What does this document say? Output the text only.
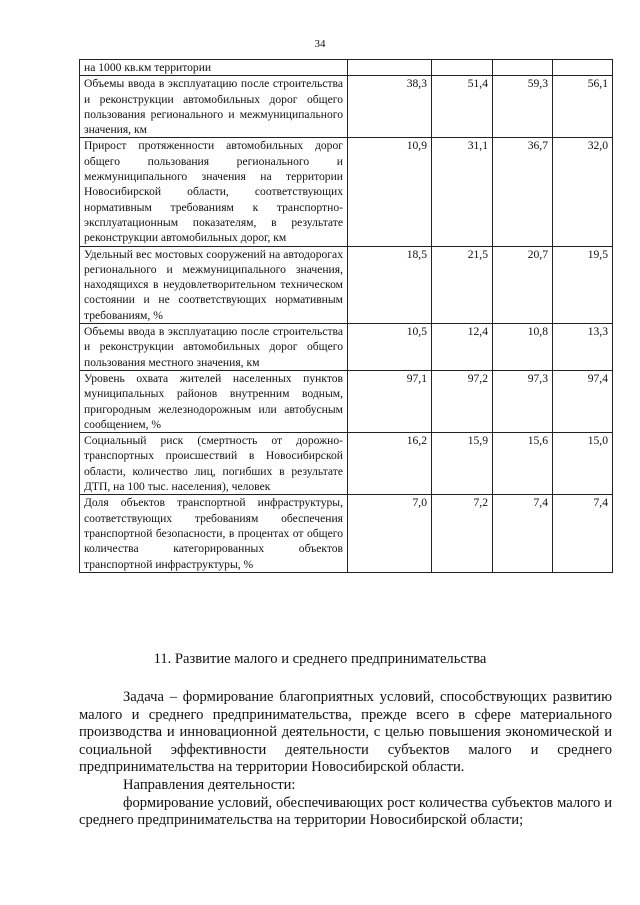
34
на 1000 кв.км территории				
Объемы ввода в эксплуатацию после строительства и реконструкции автомобильных дорог общего пользования регионального и межмуниципального значения, км	38,3	51,4	59,3	56,1
Прирост протяженности автомобильных дорог общего пользования регионального и межмуниципального значения на территории Новосибирской области, соответствующих нормативным требованиям к транспортно-эксплуатационным показателям, в результате реконструкции автомобильных дорог, км	10,9	31,1	36,7	32,0
Удельный вес мостовых сооружений на автодорогах регионального и межмуниципального значения, находящихся в неудовлетворительном техническом состоянии и не соответствующих нормативным требованиям, %	18,5	21,5	20,7	19,5
Объемы ввода в эксплуатацию после строительства и реконструкции автомобильных дорог общего пользования местного значения, км	10,5	12,4	10,8	13,3
Уровень охвата жителей населенных пунктов муниципальных районов внутренним водным, пригородным железнодорожным или автобусным сообщением, %	97,1	97,2	97,3	97,4
Социальный риск (смертность от дорожно-транспортных происшествий в Новосибирской области, количество лиц, погибших в результате ДТП, на 100 тыс. населения), человек	16,2	15,9	15,6	15,0
Доля объектов транспортной инфраструктуры, соответствующих требованиям обеспечения транспортной безопасности, в процентах от общего количества категорированных объектов транспортной инфраструктуры, %	7,0	7,2	7,4	7,4
11. Развитие малого и среднего предпринимательства

Задача – формирование благоприятных условий, способствующих развитию малого и среднего предпринимательства, прежде всего в сфере материального производства и инновационной деятельности, с целью повышения экономической и социальной эффективности деятельности субъектов малого и среднего предпринимательства на территории Новосибирской области.

Направления деятельности:

формирование условий, обеспечивающих рост количества субъектов малого и среднего предпринимательства на территории Новосибирской области;
